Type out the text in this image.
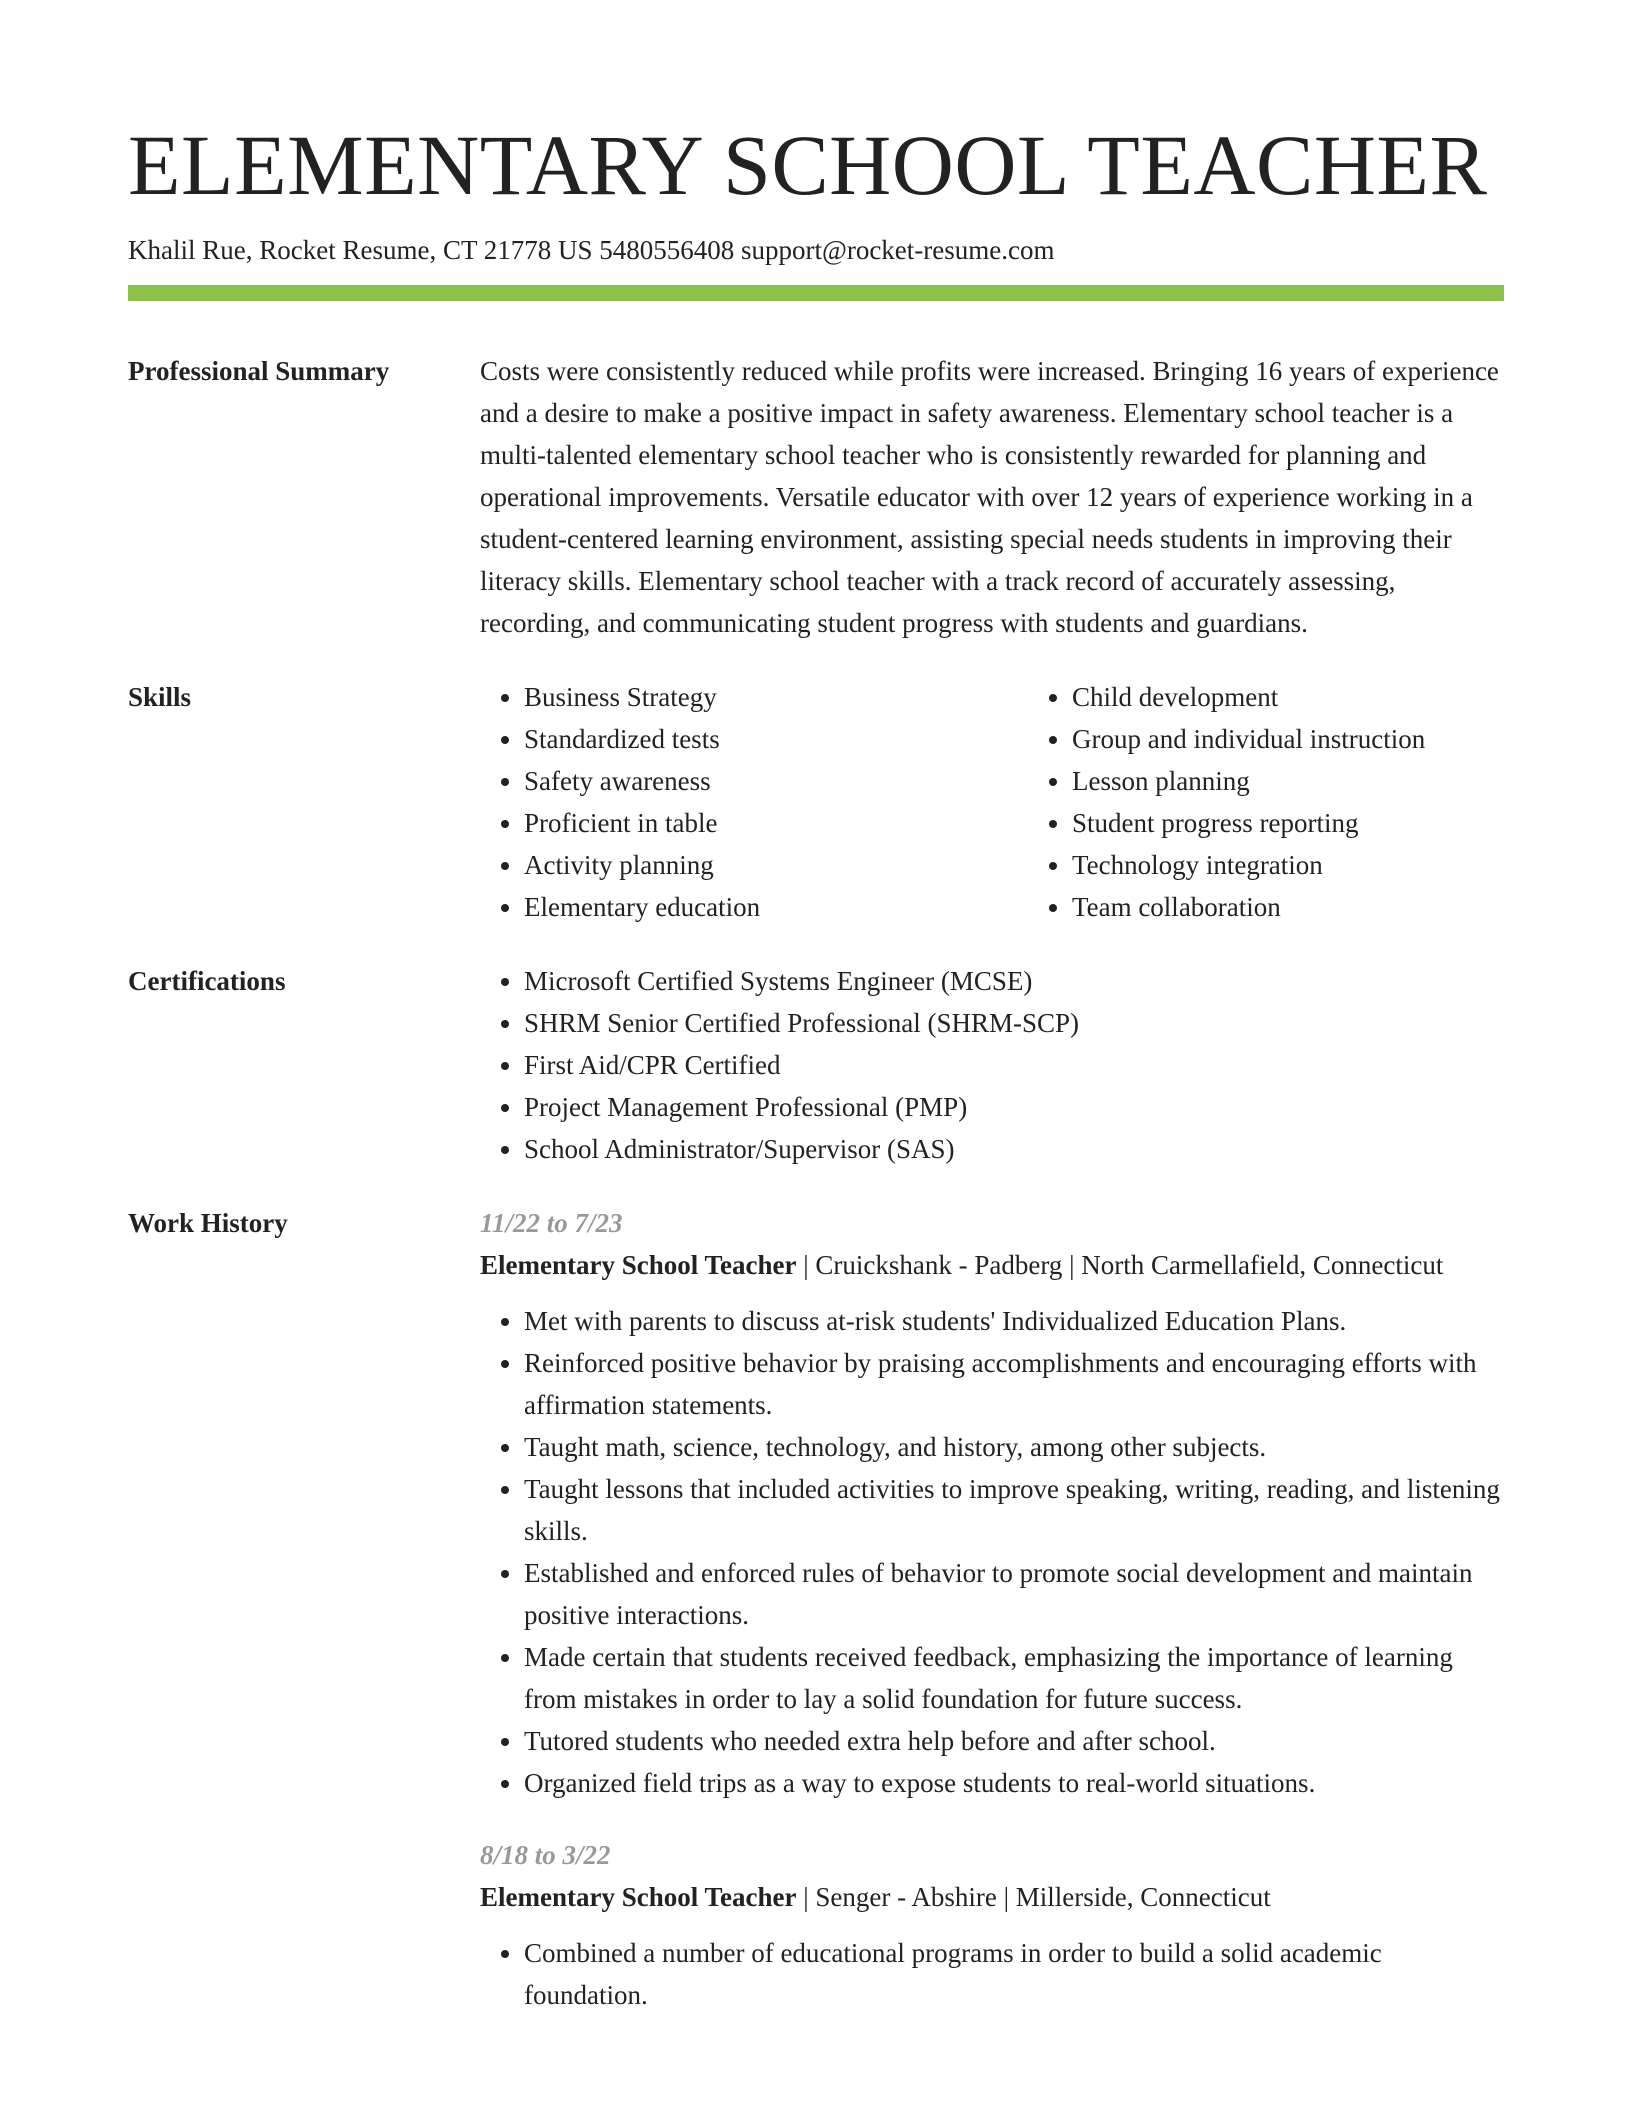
ELEMENTARY SCHOOL TEACHER
Khalil Rue, Rocket Resume, CT 21778 US 5480556408 support@rocket-resume.com
Professional Summary	Costs were consistently reduced while profits were increased. Bringing 16 years of experience and a desire to make a positive impact in safety awareness. Elementary school teacher is a multi-talented elementary school teacher who is consistently rewarded for planning and operational improvements. Versatile educator with over 12 years of experience working in a student-centered learning environment, assisting special needs students in improving their literacy skills. Elementary school teacher with a track record of accurately assessing, recording, and communicating student progress with students and guardians.

Skills	• Business Strategy
• Standardized tests
• Safety awareness
• Proficient in table
• Activity planning
• Elementary education
• Child development
• Group and individual instruction
• Lesson planning
• Student progress reporting
• Technology integration
• Team collaboration
Certifications	• Microsoft Certified Systems Engineer (MCSE)
• SHRM Senior Certified Professional (SHRM-SCP)
• First Aid/CPR Certified
• Project Management Professional (PMP)
• School Administrator/Supervisor (SAS)
Work History	11/22 to 7/23
Elementary School Teacher | Cruickshank - Padberg | North Carmellafield, Connecticut
• Met with parents to discuss at-risk students' Individualized Education Plans.
• Reinforced positive behavior by praising accomplishments and encouraging efforts with affirmation statements.
• Taught math, science, technology, and history, among other subjects.
• Taught lessons that included activities to improve speaking, writing, reading, and listening skills.
• Established and enforced rules of behavior to promote social development and maintain positive interactions.
• Made certain that students received feedback, emphasizing the importance of learning from mistakes in order to lay a solid foundation for future success.
• Tutored students who needed extra help before and after school.
• Organized field trips as a way to expose students to real-world situations.
8/18 to 3/22
Elementary School Teacher | Senger - Abshire | Millerside, Connecticut
• Combined a number of educational programs in order to build a solid academic foundation.
